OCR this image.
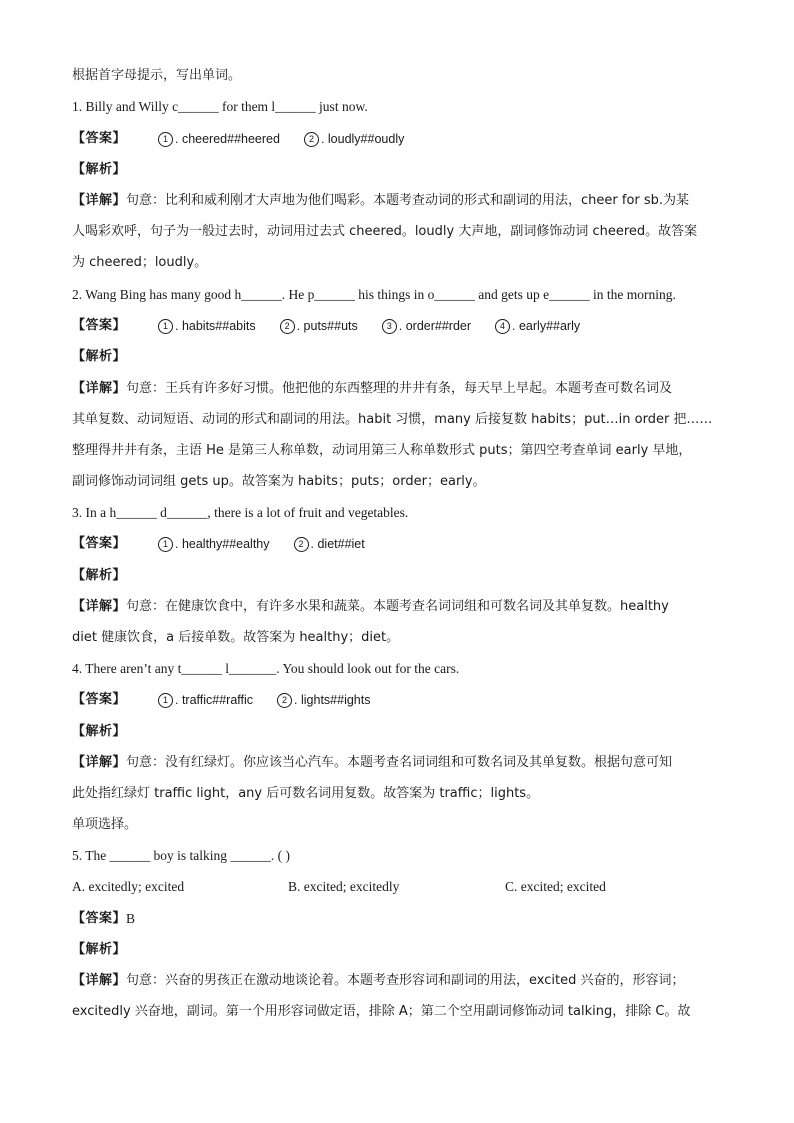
根据首字母提示，写出单词。
1. Billy and Willy c______ for them l______ just now.
【答案】	1 . cheered##heered	2 . loudly##oudly
【解析】
【详解】句意：比利和威利刚才大声地为他们喝彩。本题考查动词的形式和副词的用法，cheer for sb.为某
人喝彩欢呼，句子为一般过去时，动词用过去式 cheered。loudly 大声地，副词修饰动词 cheered。故答案
为 cheered；loudly。
2. Wang Bing has many good h______. He p______ his things in o______ and gets up e______ in the morning.
【答案】	1 . habits##abits	2 . puts##uts	3 . order##rder	4 . early##arly
【解析】
【详解】句意：王兵有许多好习惯。他把他的东西整理的井井有条，每天早上早起。本题考查可数名词及
其单复数、动词短语、动词的形式和副词的用法。habit 习惯，many 后接复数 habits；put…in order 把……
整理得井井有条，主语 He 是第三人称单数，动词用第三人称单数形式 puts；第四空考查单词 early 早地，
副词修饰动词词组 gets up。故答案为 habits；puts；order；early。
3. In a h______ d______, there is a lot of fruit and vegetables.
【答案】	1 . healthy##ealthy	2 . diet##iet
【解析】
【详解】句意：在健康饮食中，有许多水果和蔬菜。本题考查名词词组和可数名词及其单复数。healthy
diet 健康饮食，a 后接单数。故答案为 healthy；diet。
4. There aren’t any t______ l_______. You should look out for the cars.
【答案】	1 . traffic##raffic	2 . lights##ights
【解析】
【详解】句意：没有红绿灯。你应该当心汽车。本题考查名词词组和可数名词及其单复数。根据句意可知
此处指红绿灯 traffic light，any 后可数名词用复数。故答案为 traffic；lights。
单项选择。
5. The ______ boy is talking ______. ( )
A. excitedly; excited	B. excited; excitedly	C. excited; excited
【答案】 B
【解析】
【详解】句意：兴奋的男孩正在激动地谈论着。本题考查形容词和副词的用法，excited 兴奋的，形容词；
excitedly 兴奋地，副词。第一个用形容词做定语，排除 A；第二个空用副词修饰动词 talking，排除 C。故
